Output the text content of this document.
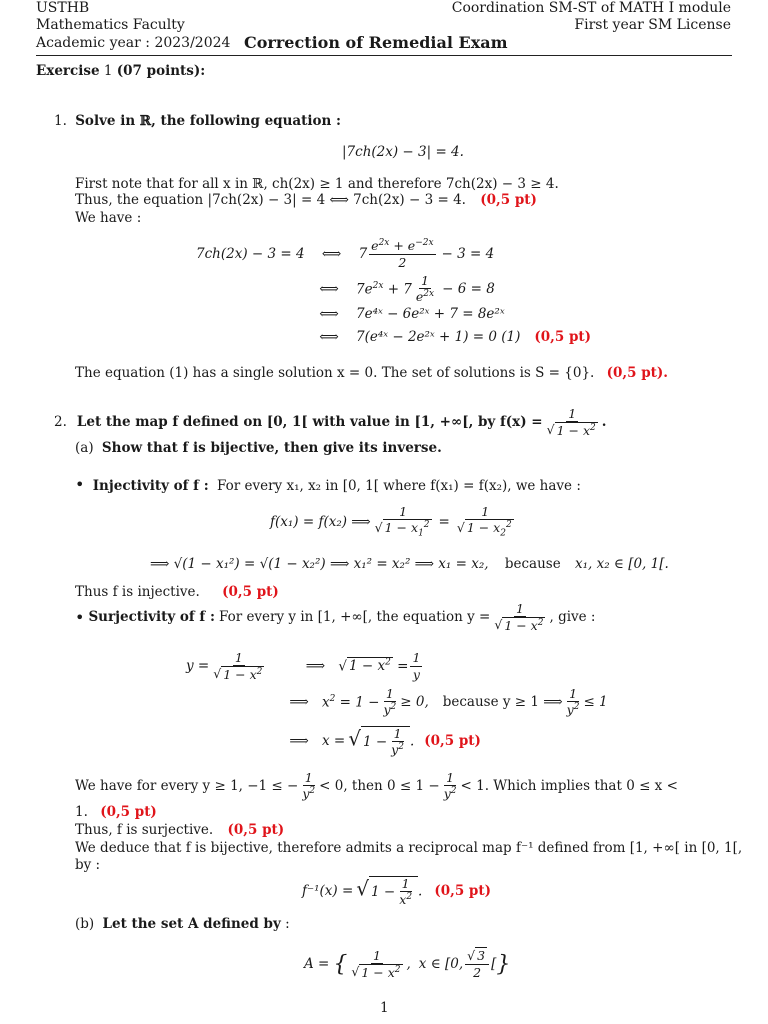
USTHB
Mathematics Faculty
Academic year : 2023/2024 Correction of Remedial Exam
Coordination SM-ST of MATH I module
First year SM License
Exercise 1 (07 points):
1. Solve in ℝ, the following equation :
|7ch(2x) − 3| = 4.
First note that for all x in ℝ, ch(2x) ≥ 1 and therefore 7ch(2x) − 3 ≥ 4.
Thus, the equation |7ch(2x) − 3| = 4 ⟺ 7ch(2x) − 3 = 4. (0,5 pt)
We have :
7ch(2x) − 3 = 4	⟺	$7 \frac{e^{2x} + e^{-2x}}{2} - 3 = 4$
⟺	$7e^{2x} + 7 \frac{1}{e^{2x}} - 6 = 8$
⟺	7e⁴ˣ − 6e²ˣ + 7 = 8e²ˣ
⟺	7(e⁴ˣ − 2e²ˣ + 1) = 0 (1) (0,5 pt)
The equation (1) has a single solution x = 0. The set of solutions is S = {0}. (0,5 pt).
2. Let the map f defined on [0, 1[ with value in [1, +∞[, by $f(x) = \frac{1}{√ 1 - x^2}$ .
(a) Show that f is bijective, then give its inverse.
• Injectivity of f : For every x₁, x₂ in [0, 1[ where f(x₁) = f(x₂), we have :
f(x₁) = f(x₂) ⟹ $\frac{1}{√ 1 - x_1^2} = \frac{1}{√ 1 - x_2^2}$
⟹ √(1 − x₁²) = √(1 − x₂²) ⟹ x₁² = x₂² ⟹ x₁ = x₂, because x₁, x₂ ∈ [0, 1[.
Thus f is injective. (0,5 pt)
• Surjectivity of f : For every y in [1, +∞[, the equation $y = \frac{1}{√ 1 - x^2}$ , give :
$y = \frac{1}{√ 1 - x^2}$	⟹ √ $1 - x^2 = \frac{1}{y}$
⟹ $x^2 = 1 - \frac{1}{y^2} \ge 0$, because y ≥ 1 ⟹ $\frac{1}{y^2} \le 1$
⟹ x = √ $1 - \frac{1}{y^2}$ . (0,5 pt)
We have for every y ≥ 1, −1 ≤ − $\frac{1}{y^2} < 0$, then $0 \le 1 - \frac{1}{y^2} < 1$. Which implies that 0 ≤ x <
1. (0,5 pt)
Thus, f is surjective. (0,5 pt)
We deduce that f is bijective, therefore admits a reciprocal map f⁻¹ defined from [1, +∞[ in [0, 1[,
by :
f⁻¹(x) = √ $1 - \frac{1}{x^2}$ . (0,5 pt)
(b) Let the set A defined by :
A = { $\frac{1}{√ 1 - x^2}$ , x ∈ [0, $\frac{√ 3}{2}$ [ }
1
